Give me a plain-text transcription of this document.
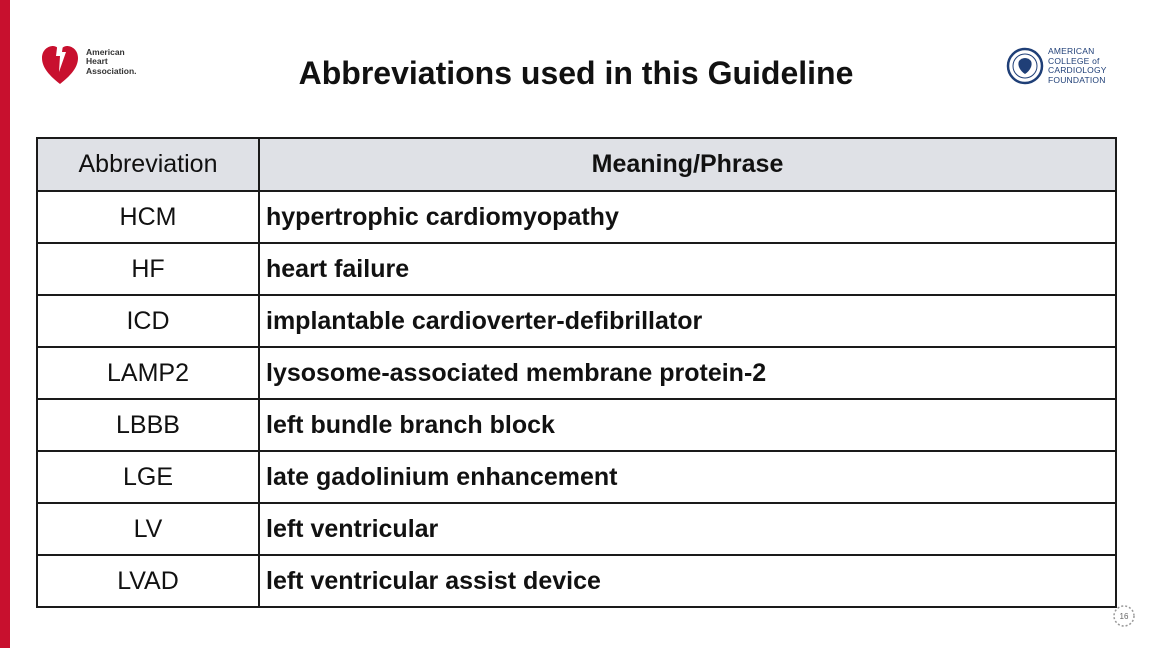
American
Heart
Association.	Abbreviations used in this Guideline
AMERICAN
COLLEGE of
CARDIOLOGY
FOUNDATION
Abbreviation	Meaning/Phrase
HCM	hypertrophic cardiomyopathy
HF	heart failure
ICD	implantable cardioverter-defibrillator
LAMP2	lysosome-associated membrane protein-2
LBBB	left bundle branch block
LGE	late gadolinium enhancement
LV	left ventricular
LVAD	left ventricular assist device
16
